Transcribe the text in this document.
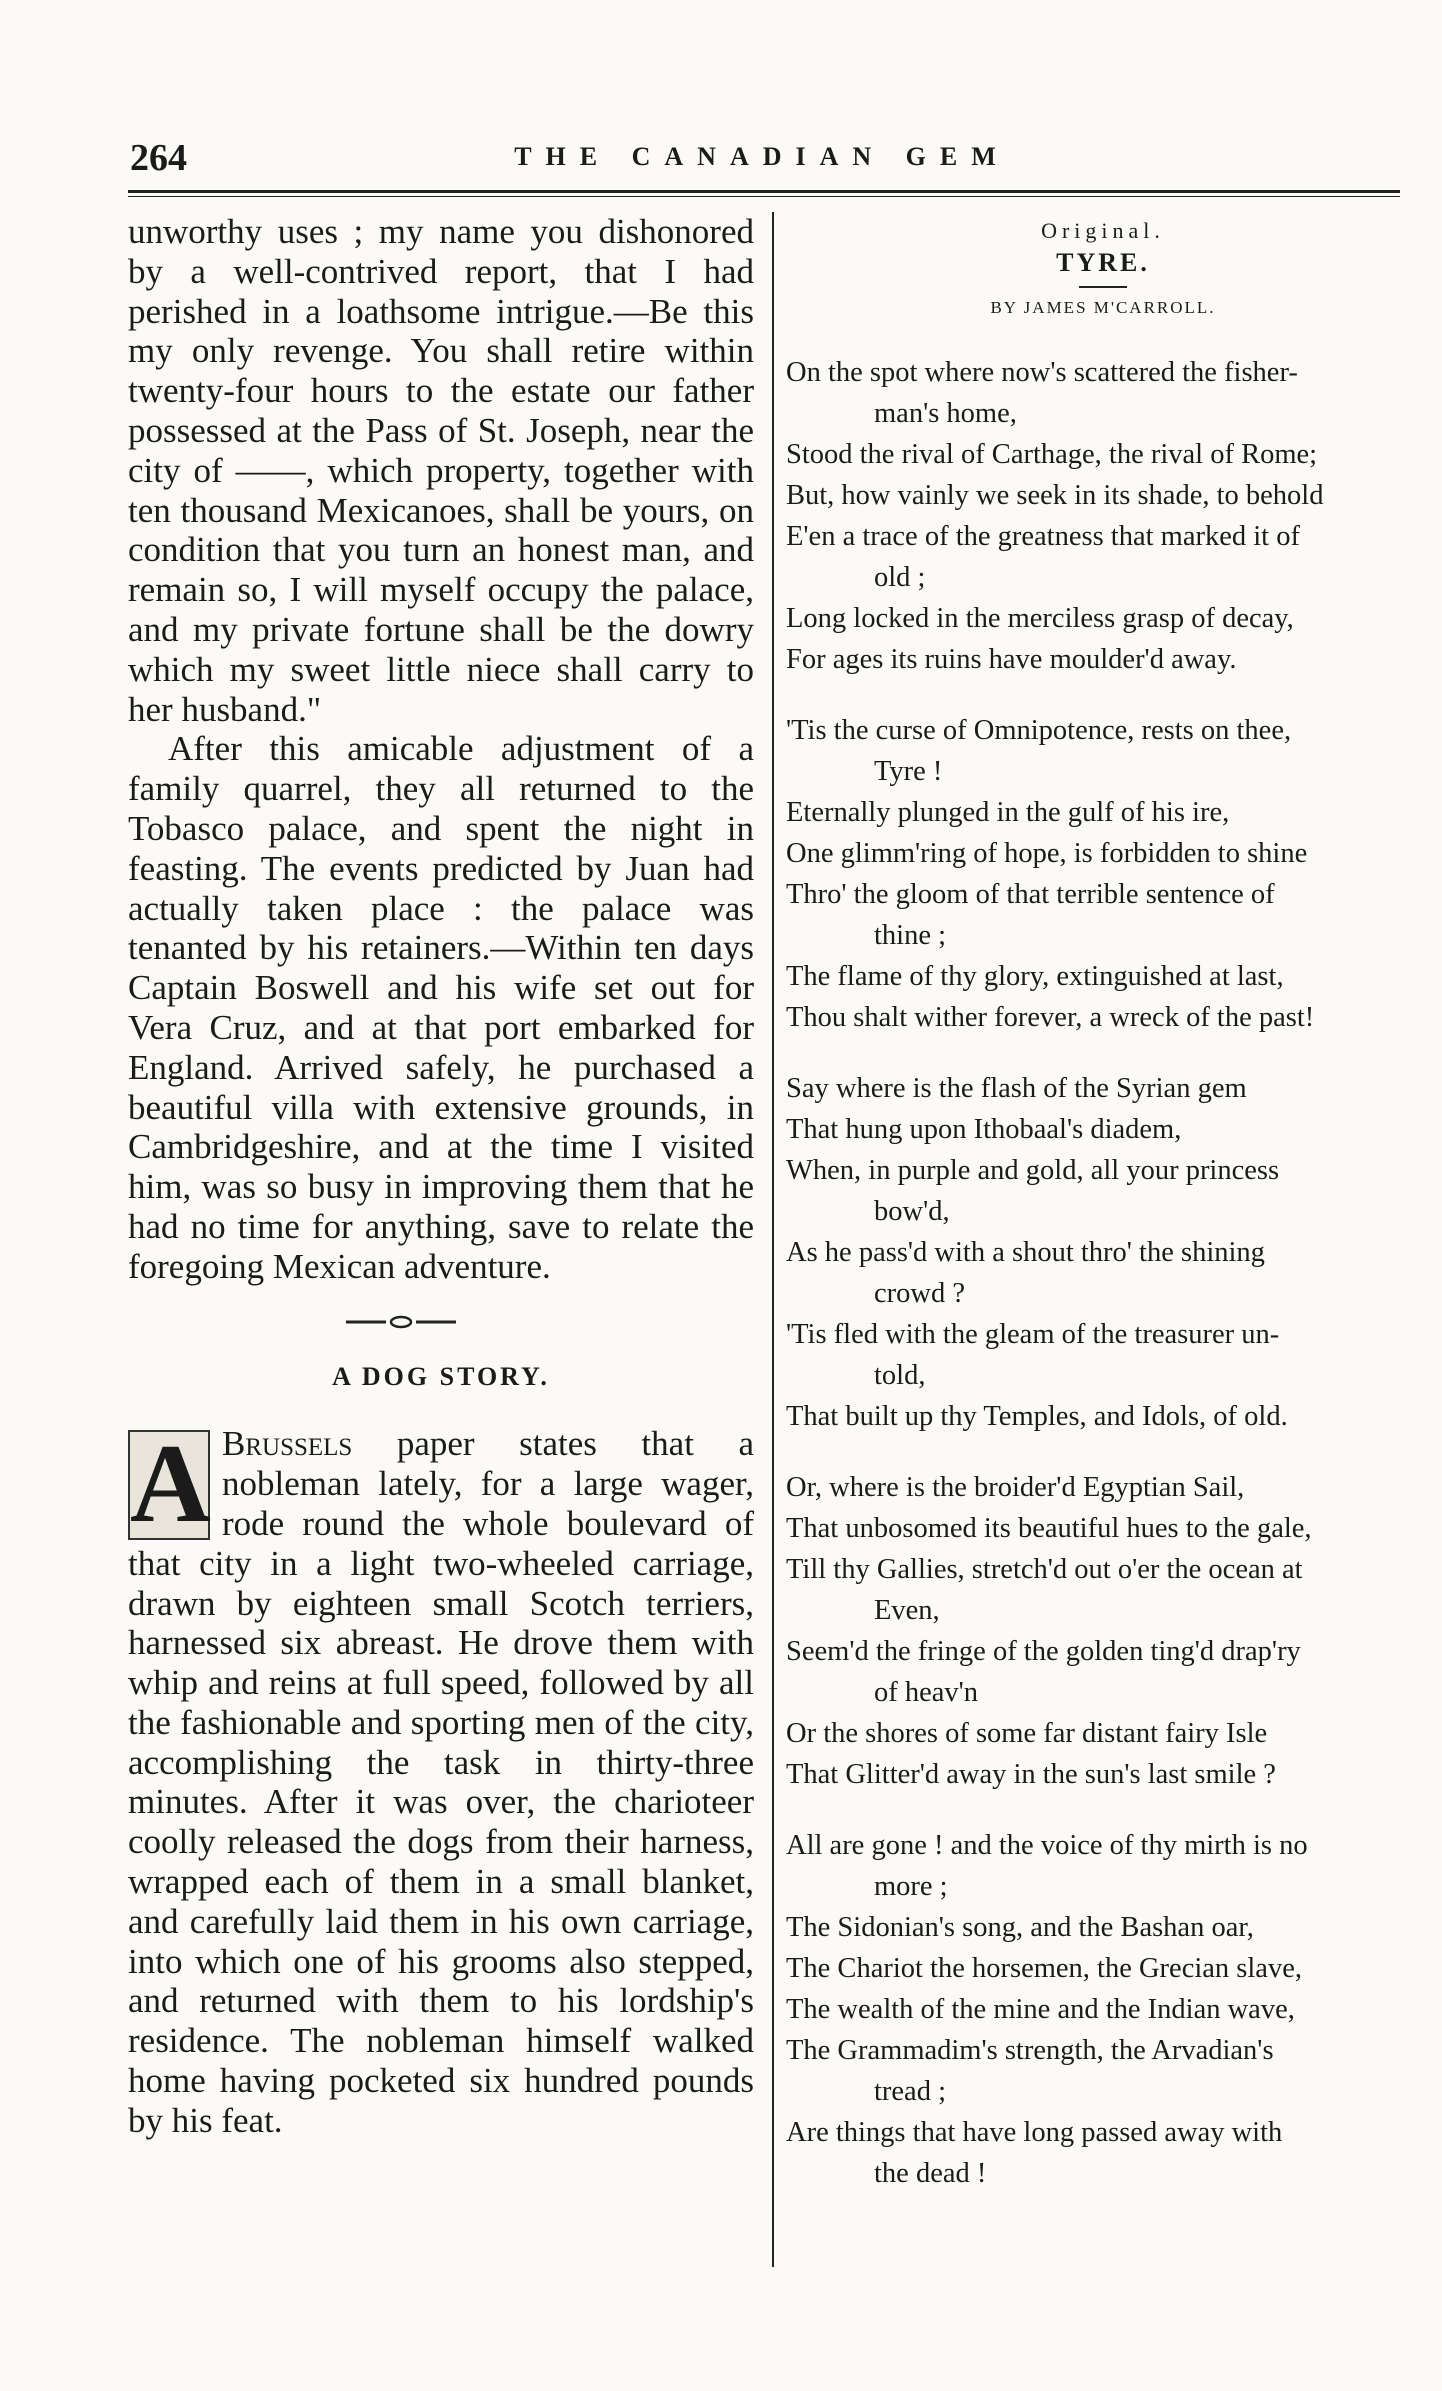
264	THE CANADIAN GEM

unworthy uses ; my name you dishonored by a well-contrived report, that I had perished in a loathsome intrigue.—Be this my only revenge. You shall retire within twenty-four hours to the estate our father possessed at the Pass of St. Joseph, near the city of ——, which property, together with ten thousand Mexicanoes, shall be yours, on condition that you turn an honest man, and remain so, I will myself occupy the palace, and my private fortune shall be the dowry which my sweet little niece shall carry to her husband."

After this amicable adjustment of a family quarrel, they all returned to the Tobasco palace, and spent the night in feasting. The events predicted by Juan had actually taken place : the palace was tenanted by his retainers.—Within ten days Captain Boswell and his wife set out for Vera Cruz, and at that port embarked for England. Arrived safely, he purchased a beautiful villa with extensive grounds, in Cambridgeshire, and at the time I visited him, was so busy in improving them that he had no time for anything, save to relate the foregoing Mexican adventure.

A DOG STORY.

A Brussels paper states that a nobleman lately, for a large wager, rode round the whole boulevard of that city in a light two-wheeled carriage, drawn by eighteen small Scotch terriers, harnessed six abreast. He drove them with whip and reins at full speed, followed by all the fashionable and sporting men of the city, accomplishing the task in thirty-three minutes. After it was over, the charioteer coolly released the dogs from their harness, wrapped each of them in a small blanket, and carefully laid them in his own carriage, into which one of his grooms also stepped, and returned with them to his lordship's residence. The nobleman himself walked home having pocketed six hundred pounds by his feat.

Original.
TYRE.
BY JAMES M'CARROLL.
On the spot where now's scattered the fisher-
man's home,
Stood the rival of Carthage, the rival of Rome;
But, how vainly we seek in its shade, to behold
E'en a trace of the greatness that marked it of
old ;
Long locked in the merciless grasp of decay,
For ages its ruins have moulder'd away.
'Tis the curse of Omnipotence, rests on thee,
Tyre !
Eternally plunged in the gulf of his ire,
One glimm'ring of hope, is forbidden to shine
Thro' the gloom of that terrible sentence of
thine ;
The flame of thy glory, extinguished at last,
Thou shalt wither forever, a wreck of the past!
Say where is the flash of the Syrian gem
That hung upon Ithobaal's diadem,
When, in purple and gold, all your princess
bow'd,
As he pass'd with a shout thro' the shining
crowd ?
'Tis fled with the gleam of the treasurer un-
told,
That built up thy Temples, and Idols, of old.
Or, where is the broider'd Egyptian Sail,
That unbosomed its beautiful hues to the gale,
Till thy Gallies, stretch'd out o'er the ocean at
Even,
Seem'd the fringe of the golden ting'd drap'ry
of heav'n
Or the shores of some far distant fairy Isle
That Glitter'd away in the sun's last smile ?
All are gone ! and the voice of thy mirth is no
more ;
The Sidonian's song, and the Bashan oar,
The Chariot the horsemen, the Grecian slave,
The wealth of the mine and the Indian wave,
The Grammadim's strength, the Arvadian's
tread ;
Are things that have long passed away with
the dead !
